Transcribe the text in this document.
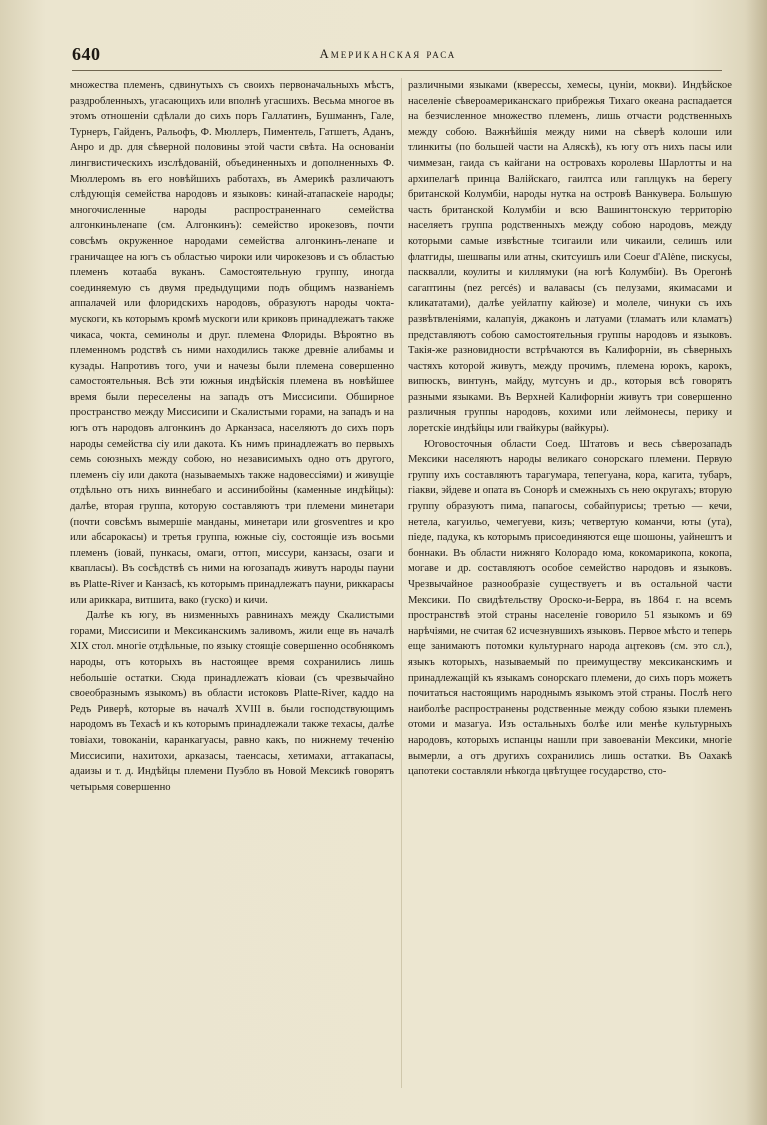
640	Американская раса

множества племенъ, сдвинутыхъ съ своихъ первоначальныхъ мѣстъ, раздробленныхъ, угасающихъ или вполнѣ угасшихъ. Весьма многое въ этомъ отношеніи сдѣлали до сихъ поръ Галлатинъ, Бушманнъ, Гале, Турнеръ, Гайденъ, Ральофъ, Ф. Мюллеръ, Пиментель, Гатшетъ, Аданъ, Анро и др. для сѣверной половины этой части свѣта. На основаніи лингвистическихъ изслѣдованій, объединенныхъ и дополненныхъ Ф. Мюллеромъ въ его новѣйшихъ работахъ, въ Америкѣ различаютъ слѣдующія семейства народовъ и языковъ: кинай-атапаскеіе народы; многочисленные народы распространеннаго семейства алгонкиньленапе (см. Алгонкинъ): семейство ирокезовъ, почти совсѣмъ окруженное народами семейства алгонкинъ-ленапе и граничащее на югъ съ областью чироки или чирокезовъ и съ областью племенъ котааба вуканъ. Самостоятельную группу, иногда соединяемую съ двумя предыдущими подъ общимъ названіемъ аппалачей или флоридскихъ народовъ, образуютъ народы чокта-мускоги, къ которымъ кромѣ мускоги или криковъ принадлежатъ также чикаса, чокта, семинолы и друг. племена Флориды. Вѣроятно въ племенномъ родствѣ съ ними находились также древніе алибамы и кузады. Напротивъ того, учи и начезы были племена совершенно самостоятельныя. Всѣ эти южныя индѣйскія племена въ новѣйшее время были переселены на западъ отъ Миссисипи. Обширное пространство между Миссисипи и Скалистыми горами, на западъ и на югъ отъ народовъ алгонкинъ до Арканзаса, населяютъ до сихъ поръ народы семейства сіу или дакота. Къ нимъ принадлежатъ во первыхъ семь союзныхъ между собою, но независимыхъ одно отъ другого, племенъ сіу или дакота (называемыхъ также надовессіями) и живущіе отдѣльно отъ нихъ виннебаго и ассинибойны (каменные индѣйцы): далѣе, вторая группа, которую составляютъ три племени минетари (почти совсѣмъ вымершіе манданы, минетари или grosventres и кро или абсарокасы) и третья группа, южные сіу, состоящіе изъ восьми племенъ (іовай, пункасы, омаги, оттоп, миссури, канзасы, озаги и квапласы). Въ сосѣдствѣ съ ними на югозападъ живутъ народы пауни въ Platte-River и Канзасѣ, къ которымъ принадлежатъ пауни, риккарасы или ариккара, витшита, вако (гуско) и кичи.

Далѣе къ югу, въ низменныхъ равнинахъ между Скалистыми горами, Миссисипи и Мексиканскимъ заливомъ, жили еще въ началѣ XIX стол. многіе отдѣльные, по языку стоящіе совершенно особнякомъ народы, отъ которыхъ въ настоящее время сохранились лишь небольшіе остатки. Сюда принадлежатъ кіоваи (съ чрезвычайно своеобразнымъ языкомъ) въ области истоковъ Platte-River, каддо на Редъ Риверѣ, которые въ началѣ XVIII в. были господствующимъ народомъ въ Техасѣ и къ которымъ принадлежали также техасы, далѣе товіахи, товоканіи, каранкагуасы, равно какъ, по нижнему теченію Миссисипи, нахитохи, арказасы, таенсасы, хетимахи, аттакапасы, адаизы и т. д. Индѣйцы племени Пуэбло въ Новой Мексикѣ говорятъ четырьмя совершенно

различными языками (кверессы, хемесы, цуніи, мокви). Индѣйское населеніе сѣвероамериканскаго прибрежья Тихаго океана распадается на безчисленное множество племенъ, лишь отчасти родственныхъ между собою. Важнѣйшія между ними на сѣверѣ колоши или тлинкиты (по большей части на Аляскѣ), къ югу отъ нихъ пасы или чиммезан, гаида съ кайгани на островахъ королевы Шарлотты и на архипелагѣ принца Валійскаго, гаилтса или гаплцукъ на берегу британской Колумбіи, народы нутка на островѣ Ванкувера. Большую часть британской Колумбіи и всю Вашингтонскую территорію населяетъ группа родственныхъ между собою народовъ, между которыми самые извѣстные тсигаили или чикаили, селишъ или флатгиды, шешвапы или атны, скитсуишъ или Coeur d'Alène, пискусы, пасквалли, коулиты и киллямуки (на югѣ Колумбіи). Въ Орегонѣ сагаптины (nez percés) и валавасы (съ пелузами, якимасами и кликататами), далѣе уейлатпу кайюзе) и молеле, чинуки съ ихъ развѣтвленіями, калапуія, джаконъ и латуами (тламатъ или кламатъ) представляютъ собою самостоятельныя группы народовъ и языковъ. Такія-же разновидности встрѣчаются въ Калифорніи, въ сѣверныхъ частяхъ которой живутъ, между прочимъ, племена юрокъ, карокъ, випюскъ, винтунъ, майду, мутсунъ и др., которыя всѣ говорятъ разными языками. Въ Верхней Калифорніи живутъ три совершенно различныя группы народовъ, кохими или леймонесы, перику и лоретскіе индѣйцы или гвайкуры (вайкуры).

Юговосточныя области Соед. Штатовъ и весь сѣверозападъ Мексики населяютъ народы великаго сонорскаго племени. Первую группу ихъ составляютъ тарагумара, тепегуана, кора, кагита, тубаръ, гіакви, эйдеве и опата въ Сонорѣ и смежныхъ съ нею округахъ; вторую группу образуютъ пима, папагосы, собайпурисы; третью — кечи, нетела, кагуильо, чемегуеви, кизъ; четвертую команчи, юты (ута), піеде, падука, къ которымъ присоединяются еще шошоны, уайнештъ и боннаки. Въ области нижняго Колорадо юма, кокомарикопа, кокопа, могаве и др. составляютъ особое семейство народовъ и языковъ. Чрезвычайное разнообразіе существуетъ и въ остальной части Мексики. По свидѣтельству Ороско-и-Берра, въ 1864 г. на всемъ пространствѣ этой страны населеніе говорило 51 языкомъ и 69 нарѣчіями, не считая 62 исчезнувшихъ языковъ. Первое мѣсто и теперь еще занимаютъ потомки культурнаго народа ацтековъ (см. это сл.), языкъ которыхъ, называемый по преимуществу мексиканскимъ и принадлежащій къ языкамъ сонорскаго племени, до сихъ поръ можетъ почитаться настоящимъ народнымъ языкомъ этой страны. Послѣ него наиболѣе распространены родственные между собою языки племенъ отоми и мазагуа. Изъ остальныхъ болѣе или менѣе культурныхъ народовъ, которыхъ испанцы нашли при завоеваніи Мексики, многіе вымерли, а отъ другихъ сохранились лишь остатки. Въ Оахакѣ цапотеки составляли нѣкогда цвѣтущее государство, сто-
